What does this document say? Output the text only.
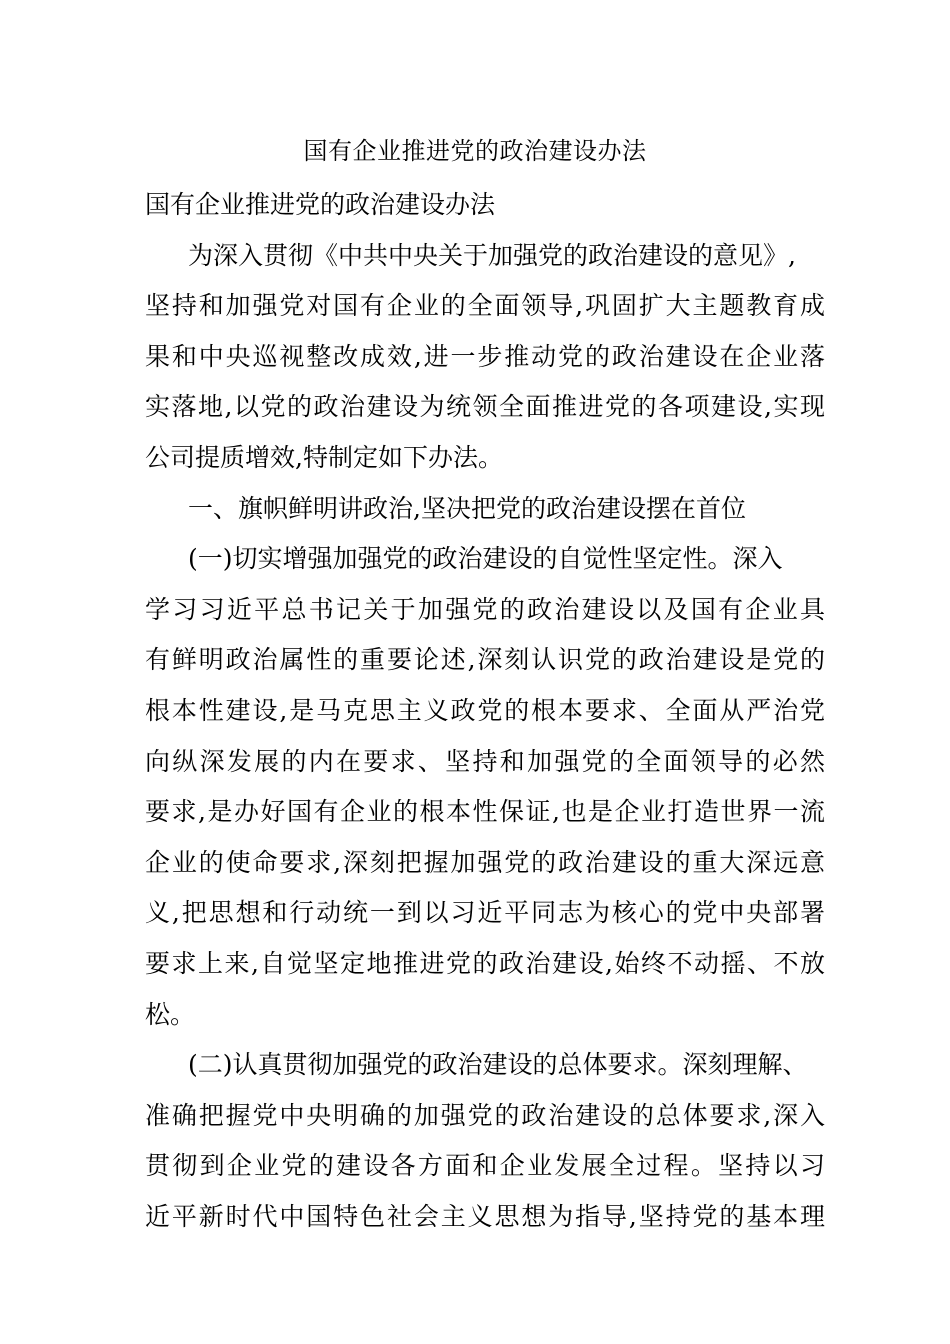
国有企业推进党的政治建设办法
国有企业推进党的政治建设办法
为深入贯彻《中共中央关于加强党的政治建设的意见》,
坚持和加强党对国有企业的全面领导,巩固扩大主题教育成
果和中央巡视整改成效,进一步推动党的政治建设在企业落
实落地,以党的政治建设为统领全面推进党的各项建设,实现
公司提质增效,特制定如下办法。
一、旗帜鲜明讲政治,坚决把党的政治建设摆在首位
(一)切实增强加强党的政治建设的自觉性坚定性。深入
学习习近平总书记关于加强党的政治建设以及国有企业具
有鲜明政治属性的重要论述,深刻认识党的政治建设是党的
根本性建设,是马克思主义政党的根本要求、全面从严治党
向纵深发展的内在要求、坚持和加强党的全面领导的必然
要求,是办好国有企业的根本性保证,也是企业打造世界一流
企业的使命要求,深刻把握加强党的政治建设的重大深远意
义,把思想和行动统一到以习近平同志为核心的党中央部署
要求上来,自觉坚定地推进党的政治建设,始终不动摇、不放
松。
(二)认真贯彻加强党的政治建设的总体要求。深刻理解、
准确把握党中央明确的加强党的政治建设的总体要求,深入
贯彻到企业党的建设各方面和企业发展全过程。坚持以习
近平新时代中国特色社会主义思想为指导,坚持党的基本理
